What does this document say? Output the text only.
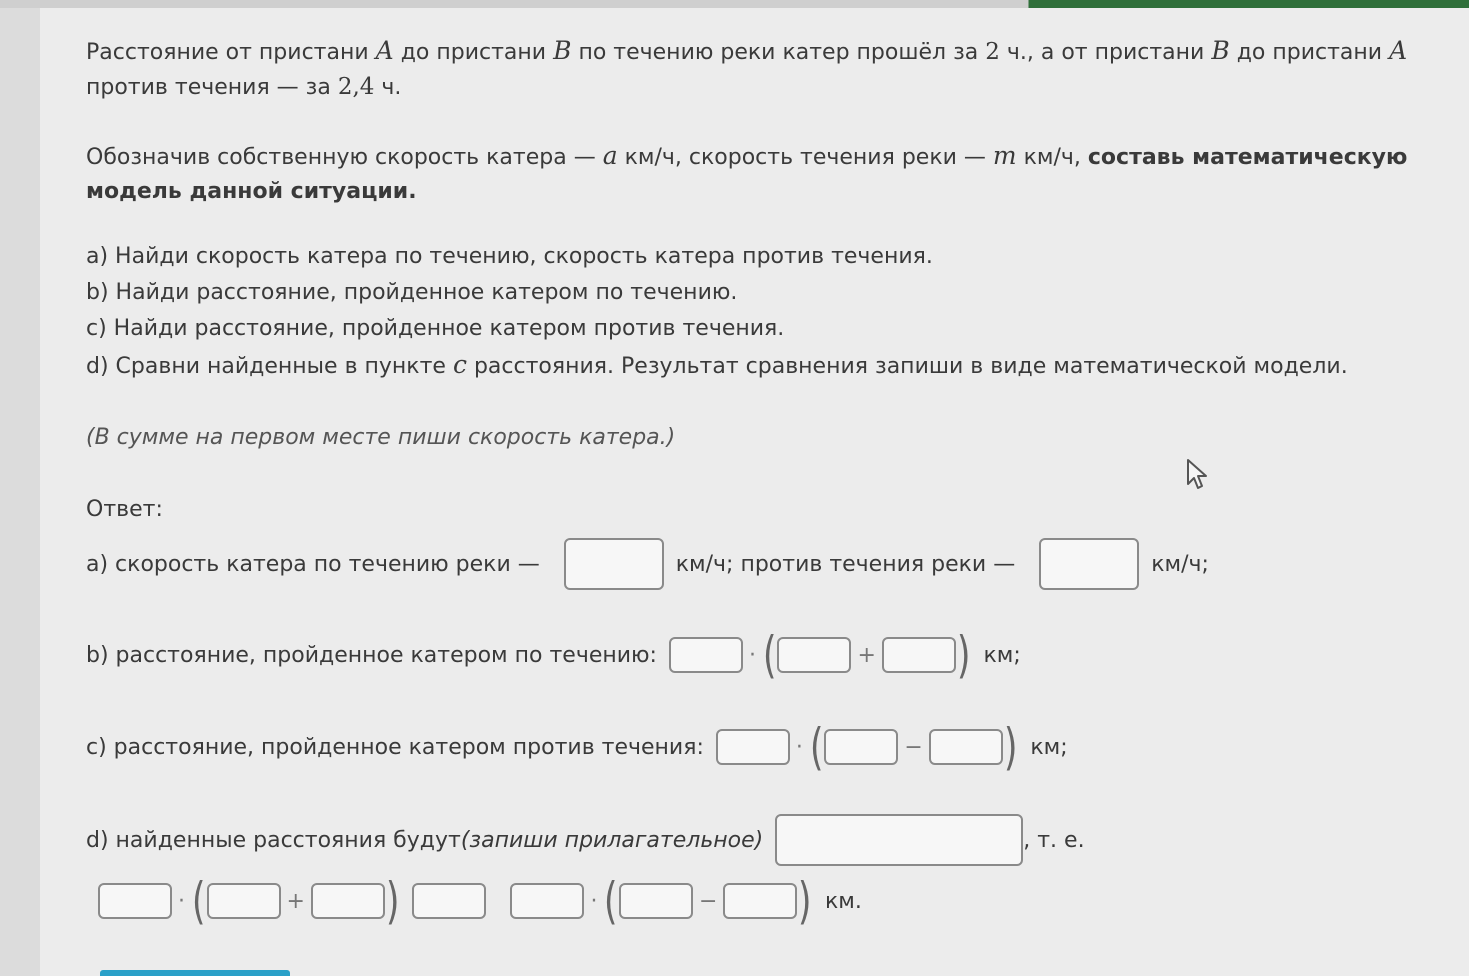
Расстояние от пристани A до пристани B по течению реки катер прошёл за 2 ч., а от пристани B до пристани A против течения — за 2,4 ч.

Обозначив собственную скорость катера — a км/ч, скорость течения реки — m км/ч, составь математическую модель данной ситуации.

a) Найди скорость катера по течению, скорость катера против течения.

b) Найди расстояние, пройденное катером по течению.

c) Найди расстояние, пройденное катером против течения.

d) Сравни найденные в пункте c расстояния. Результат сравнения запиши в виде математической модели.

(В сумме на первом месте пиши скорость катера.)

Ответ:

a) скорость катера по течению реки —	км/ч; против течения реки —	км/ч;
b) расстояние, пройденное катером по течению:	· (	+ ) км;
c) расстояние, пройденное катером против течения:	· (	− ) км;
d) найденные расстояния будут (запиши прилагательное)	, т. е.
· (	+ )	· (	− ) км.
